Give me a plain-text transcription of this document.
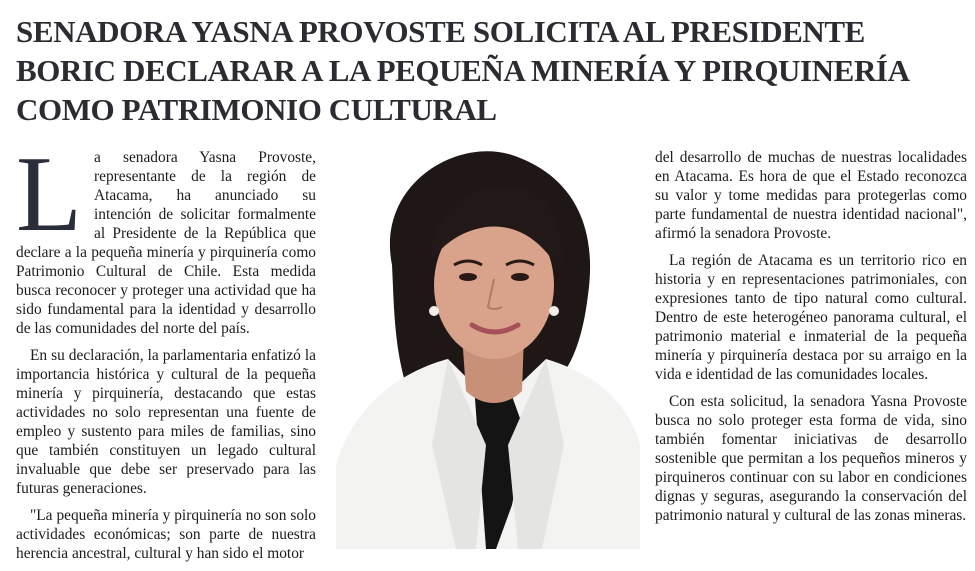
SENADORA YASNA PROVOSTE SOLICITA AL PRESIDENTE BORIC DECLARAR A LA PEQUEÑA MINERÍA Y PIRQUINERÍA COMO PATRIMONIO CULTURAL

La senadora Yasna Provoste, representante de la región de Atacama, ha anunciado su intención de solicitar formalmente al Presidente de la República que declare a la pequeña minería y pirquinería como Patrimonio Cultural de Chile. Esta medida busca reconocer y proteger una actividad que ha sido fundamental para la identidad y desarrollo de las comunidades del norte del país.

En su declaración, la parlamentaria enfatizó la importancia histórica y cultural de la pequeña minería y pirquinería, destacando que estas actividades no solo representan una fuente de empleo y sustento para miles de familias, sino que también constituyen un legado cultural invaluable que debe ser preservado para las futuras generaciones.

"La pequeña minería y pirquinería no son solo actividades económicas; son parte de nuestra herencia ancestral, cultural y han sido el motor

del desarrollo de muchas de nuestras localidades en Atacama. Es hora de que el Estado reconozca su valor y tome medidas para protegerlas como parte fundamental de nuestra identidad nacional", afirmó la senadora Provoste.

La región de Atacama es un territorio rico en historia y en representaciones patrimoniales, con expresiones tanto de tipo natural como cultural. Dentro de este heterogéneo panorama cultural, el patrimonio material e inmaterial de la pequeña minería y pirquinería destaca por su arraigo en la vida e identidad de las comunidades locales.

Con esta solicitud, la senadora Yasna Provoste busca no solo proteger esta forma de vida, sino también fomentar iniciativas de desarrollo sostenible que permitan a los pequeños mineros y pirquineros continuar con su labor en condiciones dignas y seguras, asegurando la conservación del patrimonio natural y cultural de las zonas mineras.
